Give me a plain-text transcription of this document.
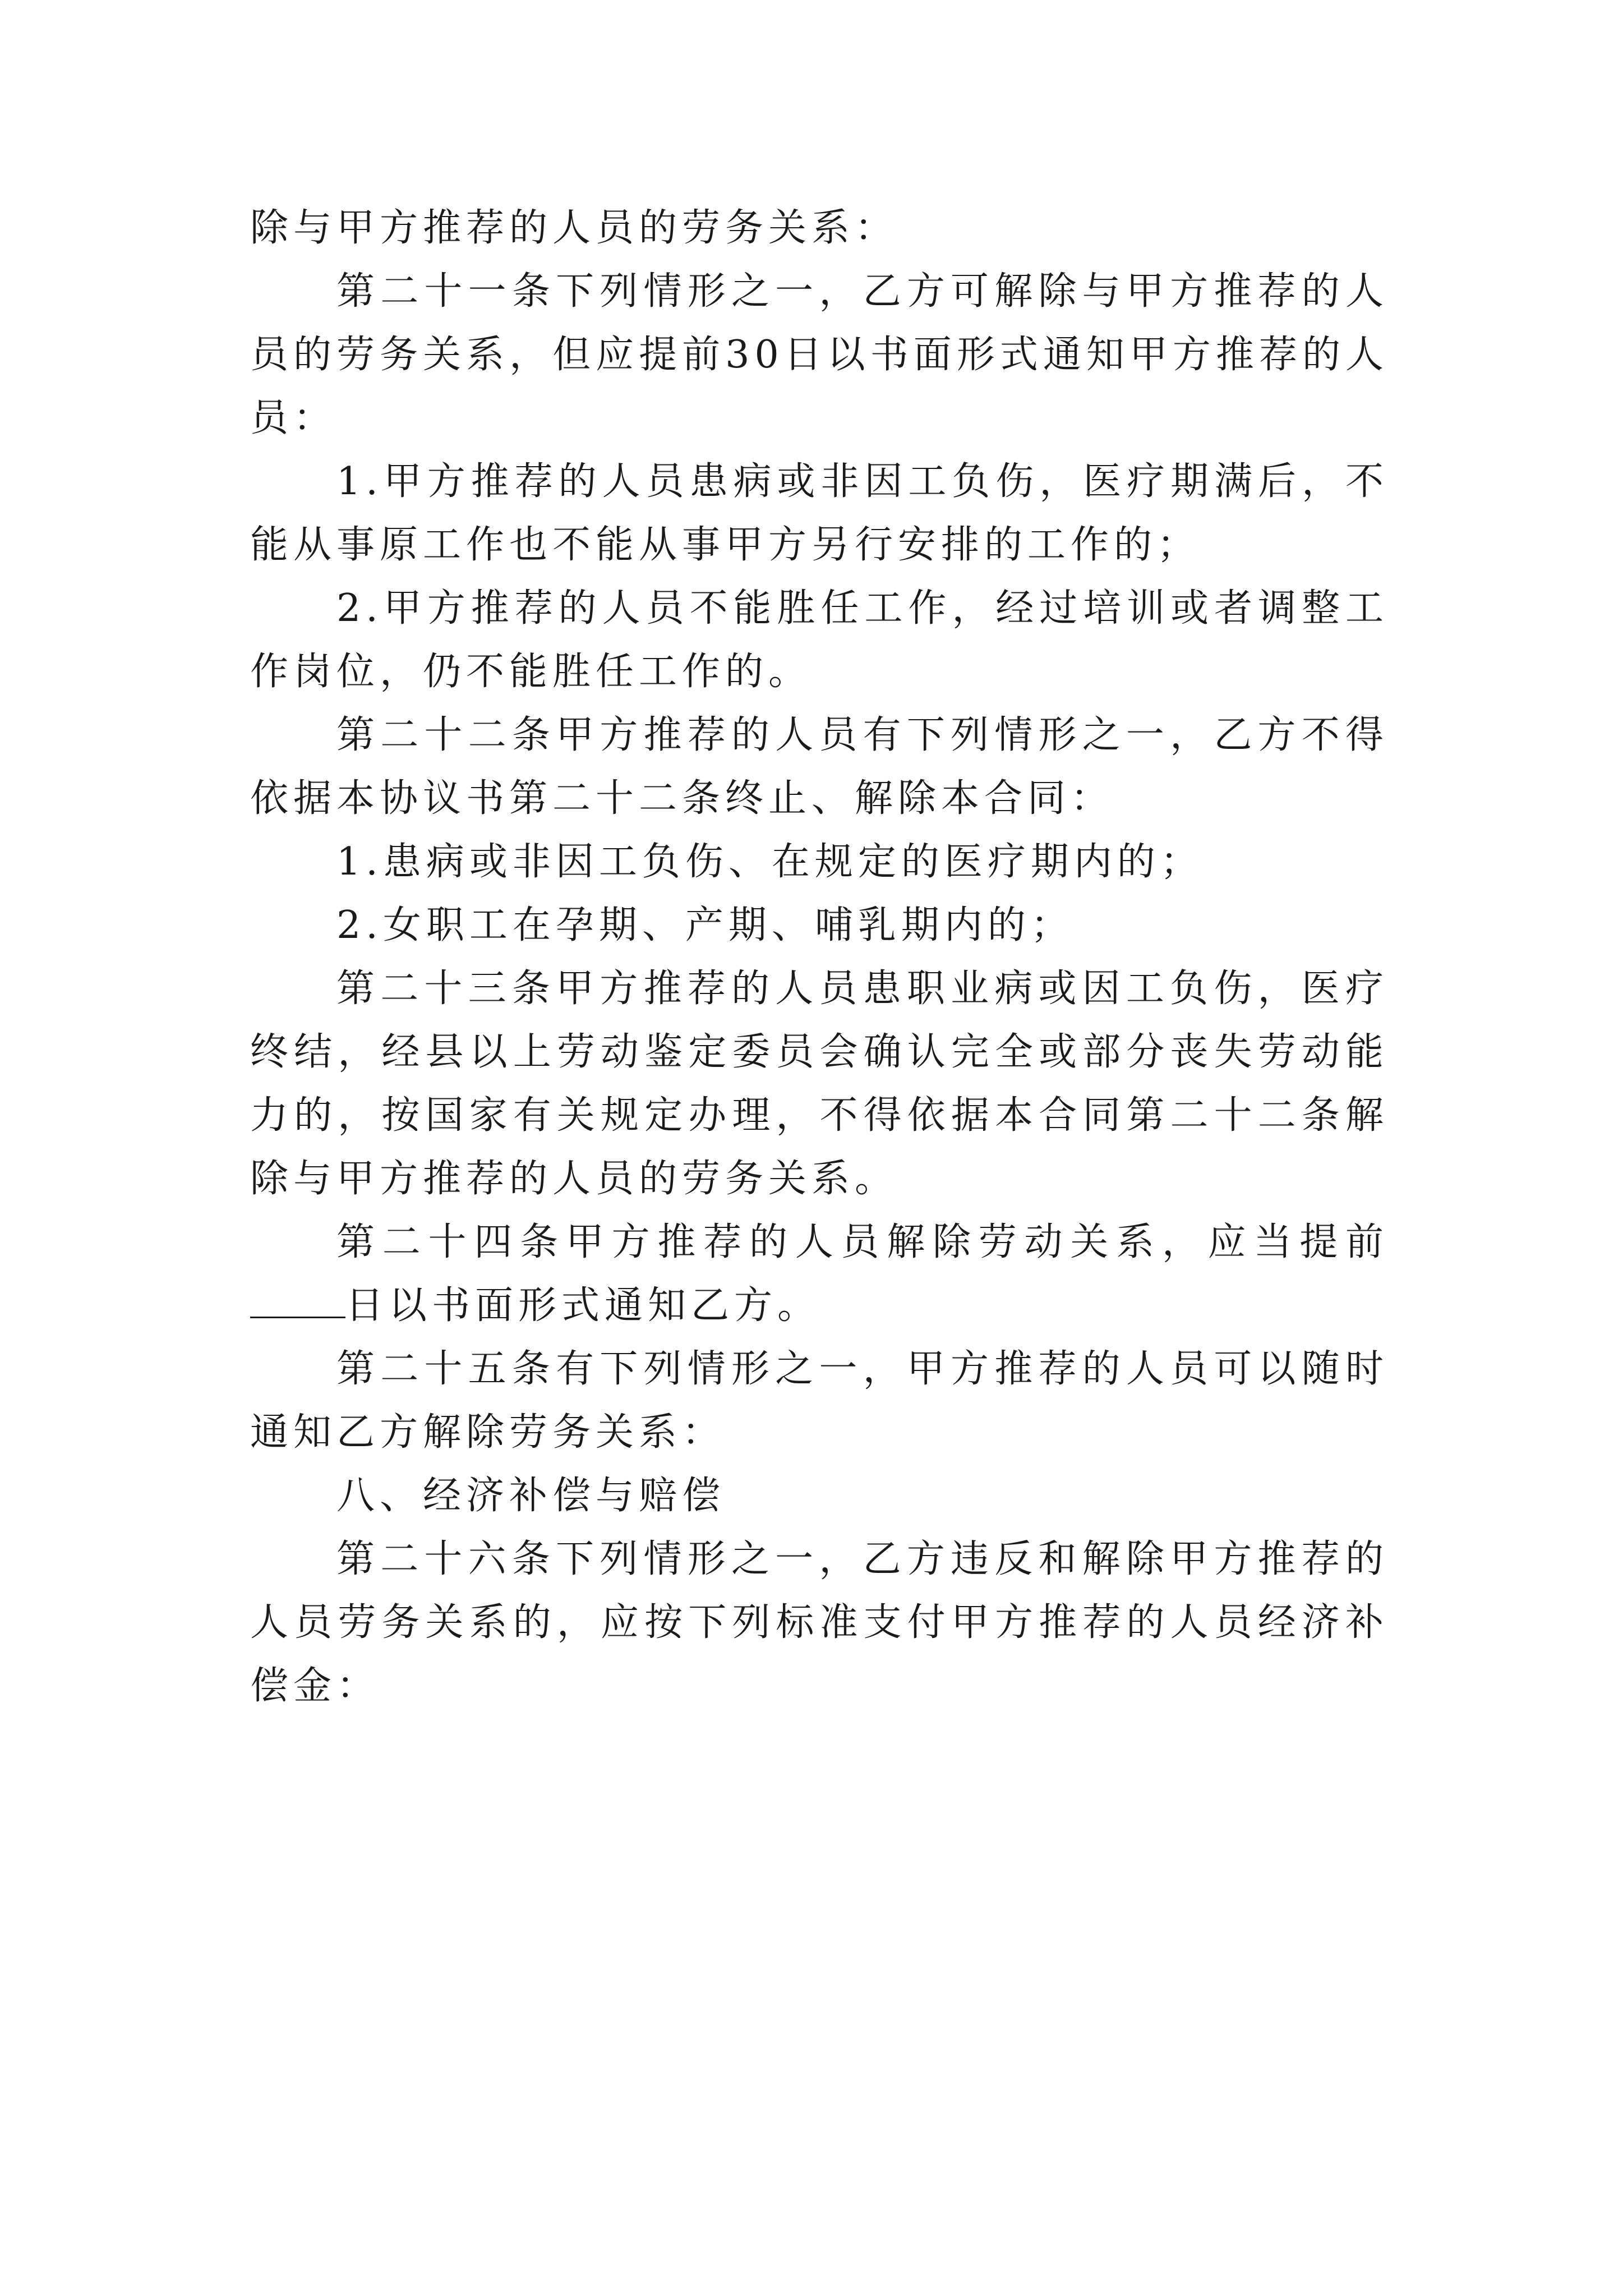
除与甲方推荐的人员的劳务关系：

第二十一条下列情形之一，乙方可解除与甲方推荐的人员的劳务关系，但应提前30日以书面形式通知甲方推荐的人员：

1.甲方推荐的人员患病或非因工负伤，医疗期满后，不能从事原工作也不能从事甲方另行安排的工作的；

2.甲方推荐的人员不能胜任工作，经过培训或者调整工作岗位，仍不能胜任工作的。

第二十二条甲方推荐的人员有下列情形之一，乙方不得依据本协议书第二十二条终止、解除本合同：

1.患病或非因工负伤、在规定的医疗期内的；

2.女职工在孕期、产期、哺乳期内的；

第二十三条甲方推荐的人员患职业病或因工负伤，医疗终结，经县以上劳动鉴定委员会确认完全或部分丧失劳动能力的，按国家有关规定办理，不得依据本合同第二十二条解除与甲方推荐的人员的劳务关系。

第二十四条甲方推荐的人员解除劳动关系，应当提前日以书面形式通知乙方。

第二十五条有下列情形之一，甲方推荐的人员可以随时通知乙方解除劳务关系：

八、经济补偿与赔偿

第二十六条下列情形之一，乙方违反和解除甲方推荐的人员劳务关系的，应按下列标准支付甲方推荐的人员经济补偿金：
